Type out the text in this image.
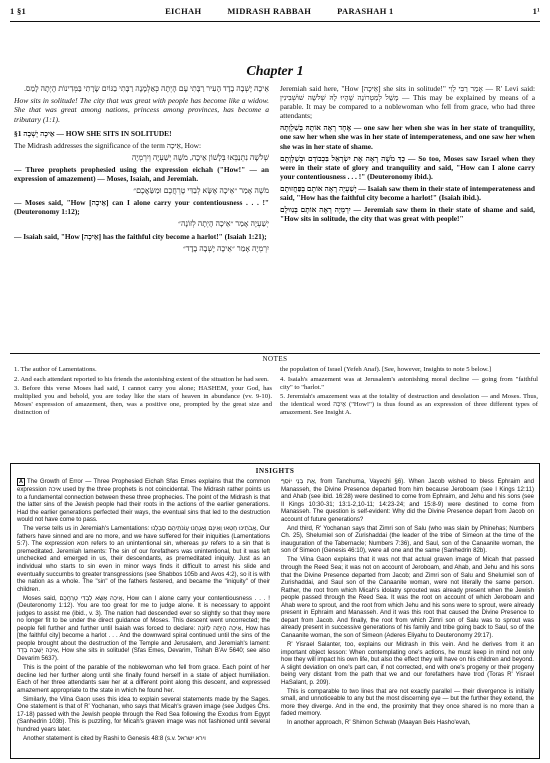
1 §1	EICHAH	MIDRASH RABBAH	PARASHAH 1	1¹
Chapter 1

אֵיכָה יָשְׁבָה בָדָד הָעִיר רַבָּתִי עָם הָיְתָה כְּאַלְמָנָה רַבָּתִי בַגּוֹיִם שָׂרָתִי בַּמְּדִינוֹת הָיְתָה לָמַס.

How sits in solitude! The city that was great with people has become like a widow. She that was great among nations, princess among provinces, has become a tributary (1:1).

§1 אֵיכָה יָשְׁבָה — HOW SHE SITS IN SOLITUDE!

The Midrash addresses the significance of the term אֵיכָה, How:

שְׁלֹשָׁה נִתְנַבְּאוּ בְּלָשׁוֹן אֵיכָה, מֹשֶׁה יְשַׁעְיָה וְיִרְמְיָה

— Three prophets prophesied using the expression eichah ("How!" — an expression of amazement) — Moses, Isaiah, and Jeremiah.

מֹשֶׁה אָמַר ״אֵיכָה אֶשָּׂא לְבַדִּי טָרְחֲכֶם וּמַשַּׂאֲכֶם״

— Moses said, "How [אֵיכָה] can I alone carry your contentiousness . . . !" (Deuteronomy 1:12);

יְשַׁעְיָה אָמַר ״אֵיכָה הָיְתָה לְזוֹנָה״

— Isaiah said, "How [אֵיכָה] has the faithful city become a harlot!" (Isaiah 1:21);

יִרְמְיָה אָמַר ״אֵיכָה יָשְׁבָה בָדָד״

Jeremiah said here, "How [אֵיכָה] she sits in solitude!" אָמַר רַבִּי לֵוִי — R' Levi said: מָשָׁל לְמַטְרוֹנָה שֶׁהָיוּ לָהּ שְׁלֹשָׁה שׁוֹשְׁבִינִין — This may be explained by means of a parable. It may be compared to a noblewoman who fell from grace, who had three attendants;

אֶחָד רָאָה אוֹתָהּ בְּשַׁלְוָתָהּ — one saw her when she was in her state of tranquility, one saw her when she was in her state of intemperateness, and one saw her when she was in her state of shame.

כָּךְ מֹשֶׁה רָאָה אֶת יִשְׂרָאֵל בִּכְבוֹדָם וּבְשַׁלְוָתָם — So too, Moses saw Israel when they were in their state of glory and tranquility and said, "How can I alone carry your contentiousness . . . !" (Deuteronomy ibid.).

יְשַׁעְיָה רָאָה אוֹתָם בְּפַחֲזוּתָם — Isaiah saw them in their state of intemperateness and said, "How has the faithful city become a harlot!" (Isaiah ibid.).

יִרְמְיָה רָאָה אוֹתָם בְּנִווּלָם — Jeremiah saw them in their state of shame and said, "How sits in solitude, the city that was great with people!"

NOTES

1. The author of Lamentations.

2. And each attendant reported to his friends the astonishing extent of the situation he had seen.

3. Before this verse Moses had said, I cannot carry you alone; HASHEM, your God, has multiplied you and behold, you are today like the stars of heaven in abundance (vv. 9-10). Moses' expression of amazement, then, was a positive one, prompted by the great size and distinction of

the population of Israel (Yefeh Anaf). [See, however, Insights to note 5 below.]

4. Isaiah's amazement was at Jerusalem's astonishing moral decline — going from "faithful city" to "harlot."

5. Jeremiah's amazement was at the totality of destruction and desolation — and Moses. Thus, the identical word אֵיכָה ("How!") is thus found as an expression of three different types of amazement. See Insight A.

INSIGHTS

A The Growth of Error — Three Prophesied Eichah Sfas Emes explains that the common expression איכה used by the three prophets is not coincidental. The Midrash rather points us to a fundamental connection between these three prophecies. The point of the Midrash is that the latter sins of the Jewish people had their roots in the actions of the earlier generations. Had the earlier generations perfected their ways, the eventual sins that led to the destruction would not have come to pass.

The verse tells us in Jeremiah's Lamentations: אֲבֹתֵינוּ חָטְאוּ וְאֵינָם וַאֲנַחְנוּ עֲוֹנֹתֵיהֶם סָבָלְנוּ, Our fathers have sinned and are no more, and we have suffered for their iniquities (Lamentations 5:7). The expression חטא refers to an unintentional sin, whereas עון refers to a sin that is premeditated. Jeremiah laments: The sin of our forefathers was unintentional, but it was left unchecked and emerged in us, their descendants, as premeditated iniquity. Just as an individual who starts to sin even in minor ways finds it difficult to arrest his slide and eventually succumbs to greater transgressions (see Shabbos 105b and Avos 4:2), so it is with the nation as a whole. The "sin" of the fathers festered, and became the "iniquity" of their children.

Moses said, אֵיכָה אֶשָּׂא לְבַדִּי טָרְחֲכֶם, How can I alone carry your contentiousness . . . ! (Deuteronomy 1:12). You are too great for me to judge alone. It is necessary to appoint judges to assist me (ibid., v. 3). The nation had descended ever so slightly so that they were no longer fit to be under the direct guidance of Moses. This descent went uncorrected; the people fell further and further until Isaiah was forced to declare: אֵיכָה הָיְתָה לְזוֹנָה, How has [the faithful city] become a harlot . . . And the downward spiral continued until the sins of the people brought about the destruction of the Temple and Jerusalem, and Jeremiah's lament: אֵיכָה יָשְׁבָה בָדָד, How she sits in solitude! (Sfas Emes, Devarim, Tishah B'Av 5640; see also Devarim 5637).

This is the point of the parable of the noblewoman who fell from grace. Each point of her decline led her further along until she finally found herself in a state of abject humiliation. Each of her three attendants saw her at a different point along this descent, and expressed amazement appropriate to the state in which he found her.

Similarly, the Vilna Gaon uses this idea to explain several statements made by the Sages. One statement is that of R' Yochanan, who says that Micah's graven image (see Judges Chs. 17-18) passed with the Jewish people through the Red Sea following the Exodus from Egypt (Sanhedrin 103b). This is puzzling, for Micah's graven image was not fashioned until several hundred years later.

Another statement is cited by Rashi to Genesis 48:8 (s.v. וירא ישראל

אֶת בְּנֵי יוֹסֵף, from Tanchuma, Vayechi §6). When Jacob wished to bless Ephraim and Manasseh, the Divine Presence departed from him because Jeroboam (see I Kings 12:11) and Ahab (see ibid. 16:28) were destined to come from Ephraim, and Jehu and his sons (see II Kings 10:30-31; 13:1-2,10-11; 14:23-24; and 15:8-9) were destined to come from Manasseh. The question is self-evident: Why did the Divine Presence depart from Jacob on account of future generations?

And third, R' Yochanan says that Zimri son of Salu (who was slain by Phinehas; Numbers Ch. 25), Shelumiel son of Zurishaddai (the leader of the tribe of Simeon at the time of the inauguration of the Tabernacle; Numbers 7:36), and Saul, son of the Canaanite woman, the son of Simeon (Genesis 46:10), were all one and the same (Sanhedrin 82b).

The Vilna Gaon explains that it was not that actual graven image of Micah that passed through the Reed Sea; it was not on account of Jeroboam, and Ahab, and Jehu and his sons that the Divine Presence departed from Jacob; and Zimri son of Salu and Shelumiel son of Zurishaddai, and Saul son of the Canaanite woman, were not literally the same person. Rather, the root from which Micah's idolatry sprouted was already present when the Jewish people passed through the Reed Sea. It was the root on account of which Jeroboam and Ahab were to sprout, and the root from which Jehu and his sons were to sprout, were already present in Ephraim and Manasseh. And it was this root that caused the Divine Presence to depart from Jacob. And finally, the root from which Zimri son of Salu was to sprout was already present in successive generations of his family and tribe going back to Saul, so of the Canaanite woman, the son of Simeon (Aderes Eliyahu to Deuteronomy 29:17).

R' Yisrael Salanter, too, explains our Midrash in this vein. And he derives from it an important object lesson: When contemplating one's actions, he must keep in mind not only how they will impact his own life, but also the effect they will have on his children and beyond. A slight deviation on one's part can, if not corrected, end with one's progeny or their progeny being very distant from the path that we and our forefathers have trod (Toras R' Yisrael HaSalant, p. 209).

This is comparable to two lines that are not exactly parallel — their divergence is initially small, and unnoticeable to any but the most discerning eye — but the further they extend, the more they diverge. And in the end, the proximity that they once shared is no more than a faded memory.

In another approach, R' Shimon Schwab (Maayan Beis Hasho'evah,
